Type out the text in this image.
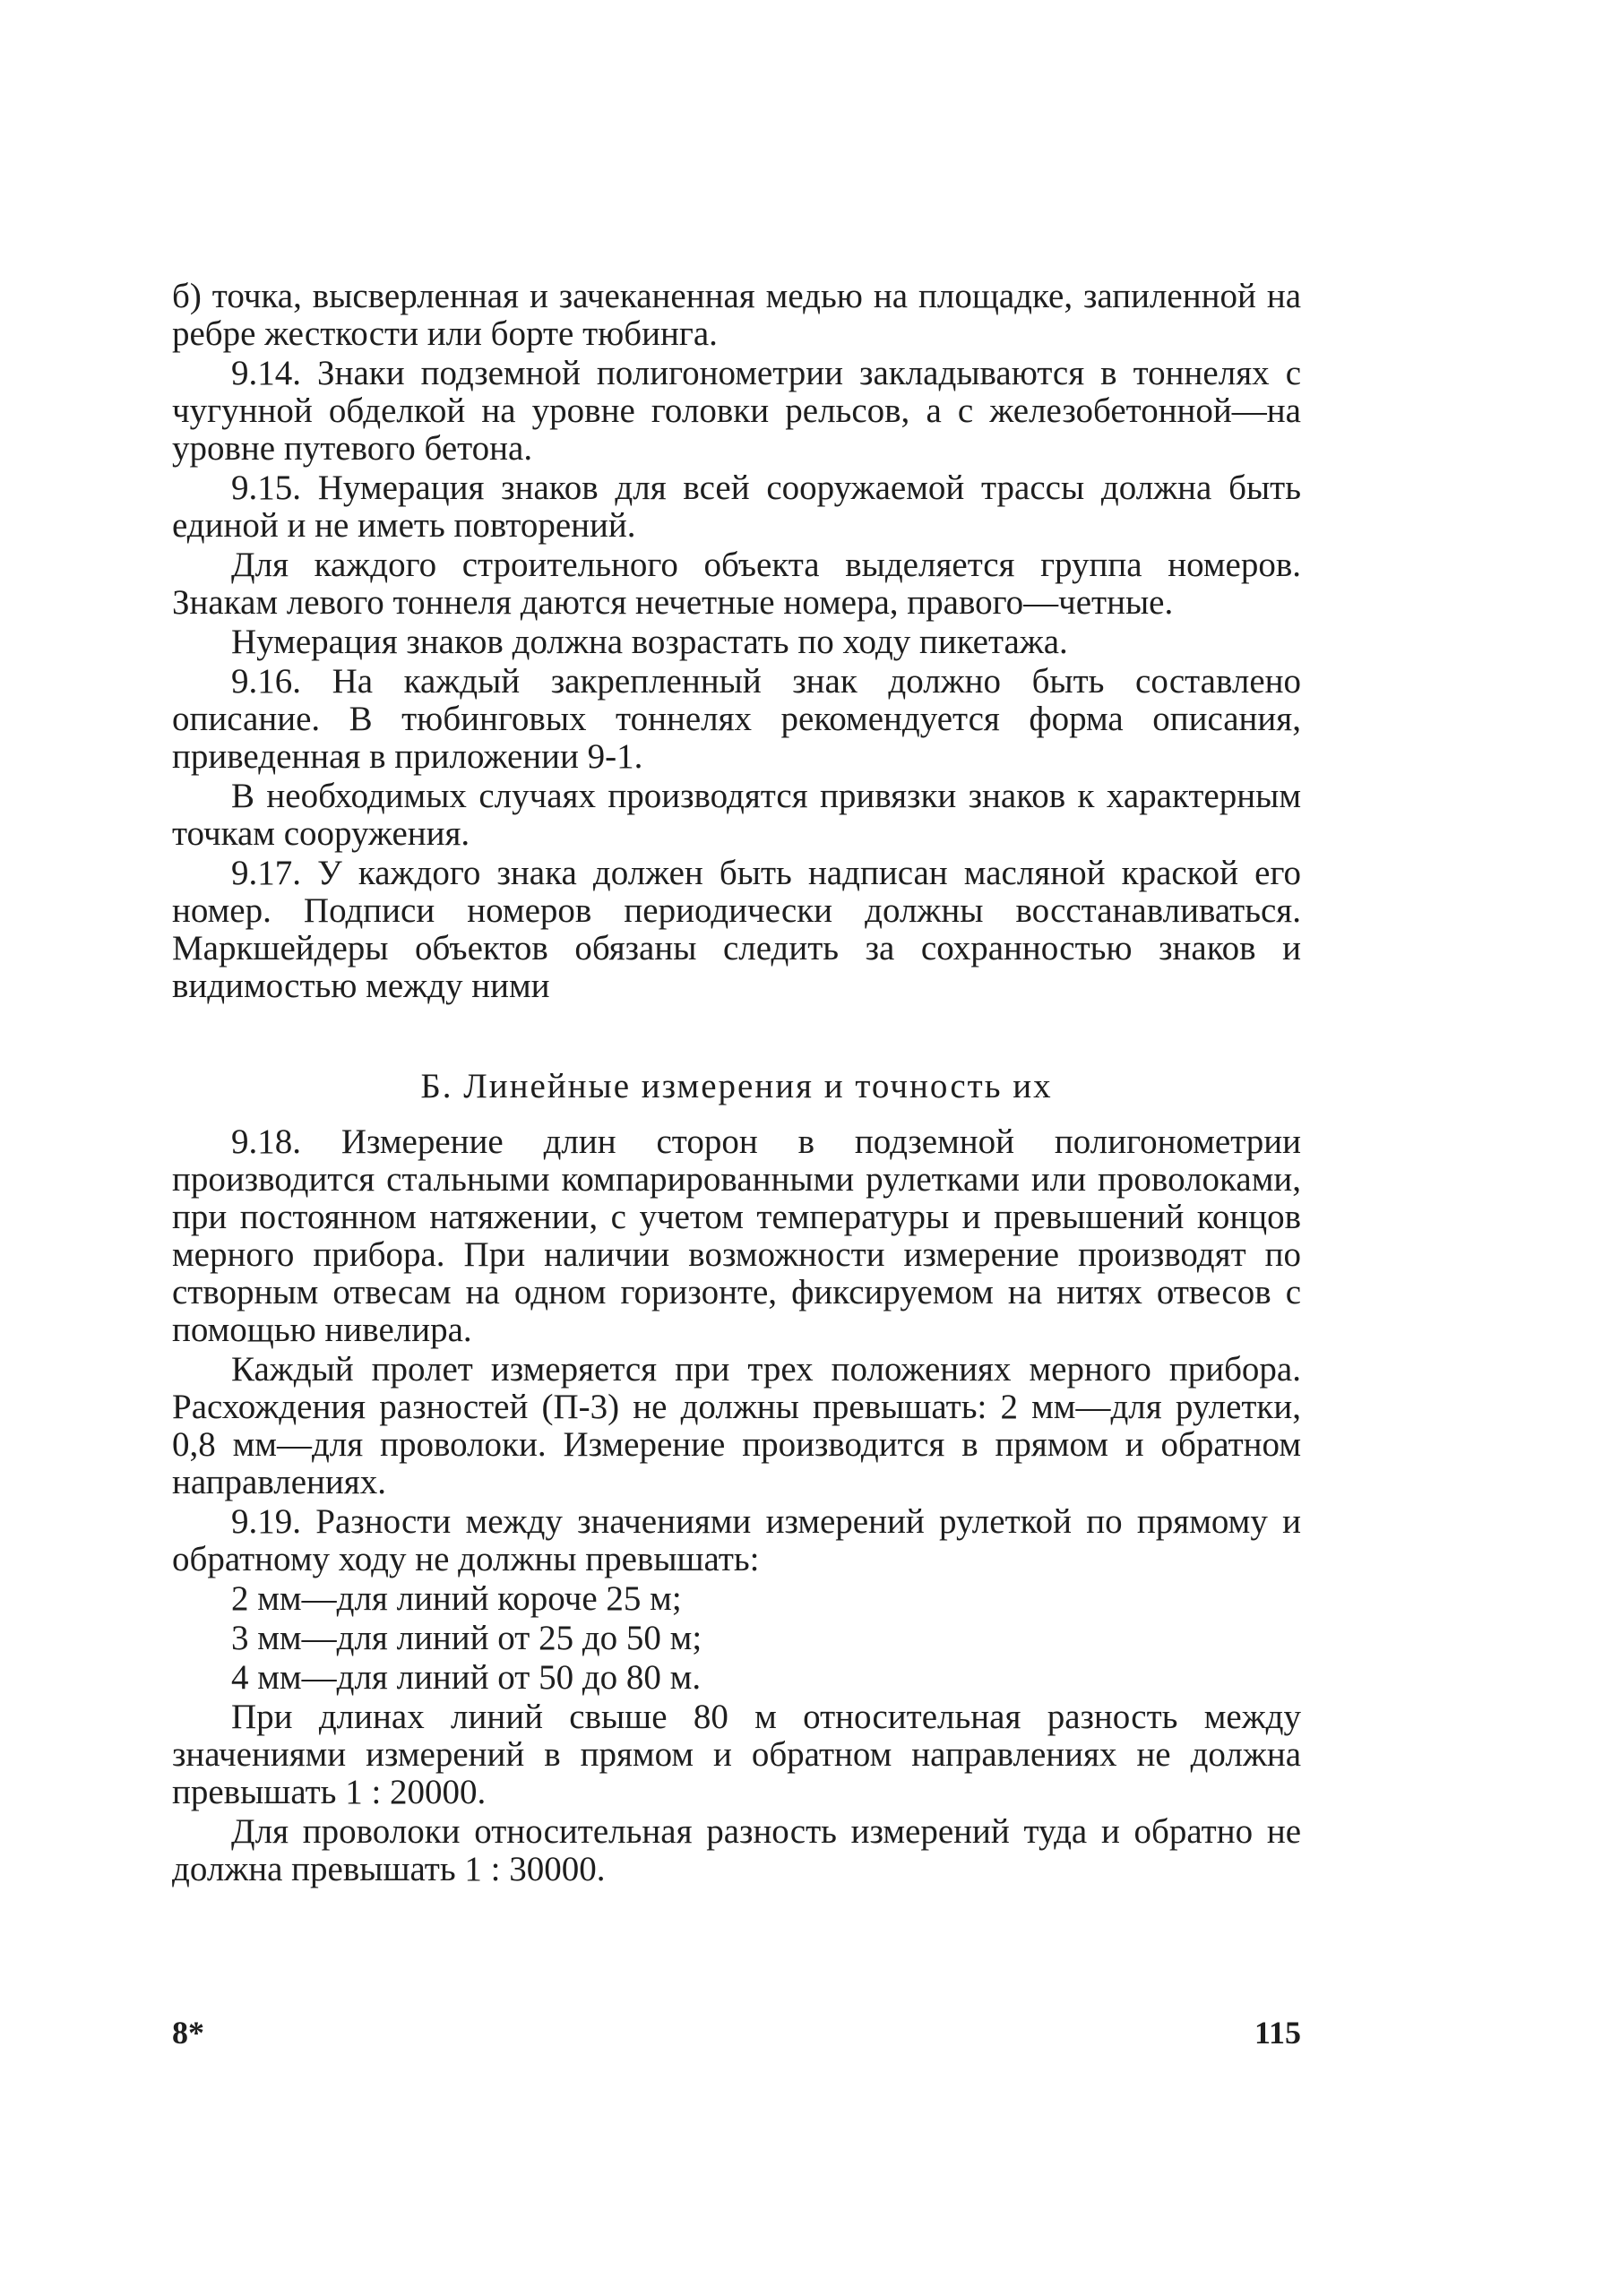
б) точка, высверленная и зачеканенная медью на площадке, запиленной на ребре жесткости или борте тюбинга.

9.14. Знаки подземной полигонометрии закладываются в тоннелях с чугунной обделкой на уровне головки рельсов, а с железобетонной—на уровне путевого бетона.

9.15. Нумерация знаков для всей сооружаемой трассы должна быть единой и не иметь повторений.

Для каждого строительного объекта выделяется группа номеров. Знакам левого тоннеля даются нечетные номера, правого—четные.

Нумерация знаков должна возрастать по ходу пикетажа.

9.16. На каждый закрепленный знак должно быть составлено описание. В тюбинговых тоннелях рекомендуется форма описания, приведенная в приложении 9-1.

В необходимых случаях производятся привязки знаков к характерным точкам сооружения.

9.17. У каждого знака должен быть надписан масляной краской его номер. Подписи номеров периодически должны восстанавливаться. Маркшейдеры объектов обязаны следить за сохранностью знаков и видимостью между ними

Б. Линейные измерения и точность их

9.18. Измерение длин сторон в подземной полигонометрии производится стальными компарированными рулетками или проволоками, при постоянном натяжении, с учетом температуры и превышений концов мерного прибора. При наличии возможности измерение производят по створным отвесам на одном горизонте, фиксируемом на нитях отвесов с помощью нивелира.

Каждый пролет измеряется при трех положениях мерного прибора. Расхождения разностей (П-3) не должны превышать: 2 мм—для рулетки, 0,8 мм—для проволоки. Измерение производится в прямом и обратном направлениях.

9.19. Разности между значениями измерений рулеткой по прямому и обратному ходу не должны превышать:

2 мм—для линий короче 25 м;

3 мм—для линий от 25 до 50 м;

4 мм—для линий от 50 до 80 м.

При длинах линий свыше 80 м относительная разность между значениями измерений в прямом и обратном направлениях не должна превышать 1 : 20000.

Для проволоки относительная разность измерений туда и обратно не должна превышать 1 : 30000.

8*	115
